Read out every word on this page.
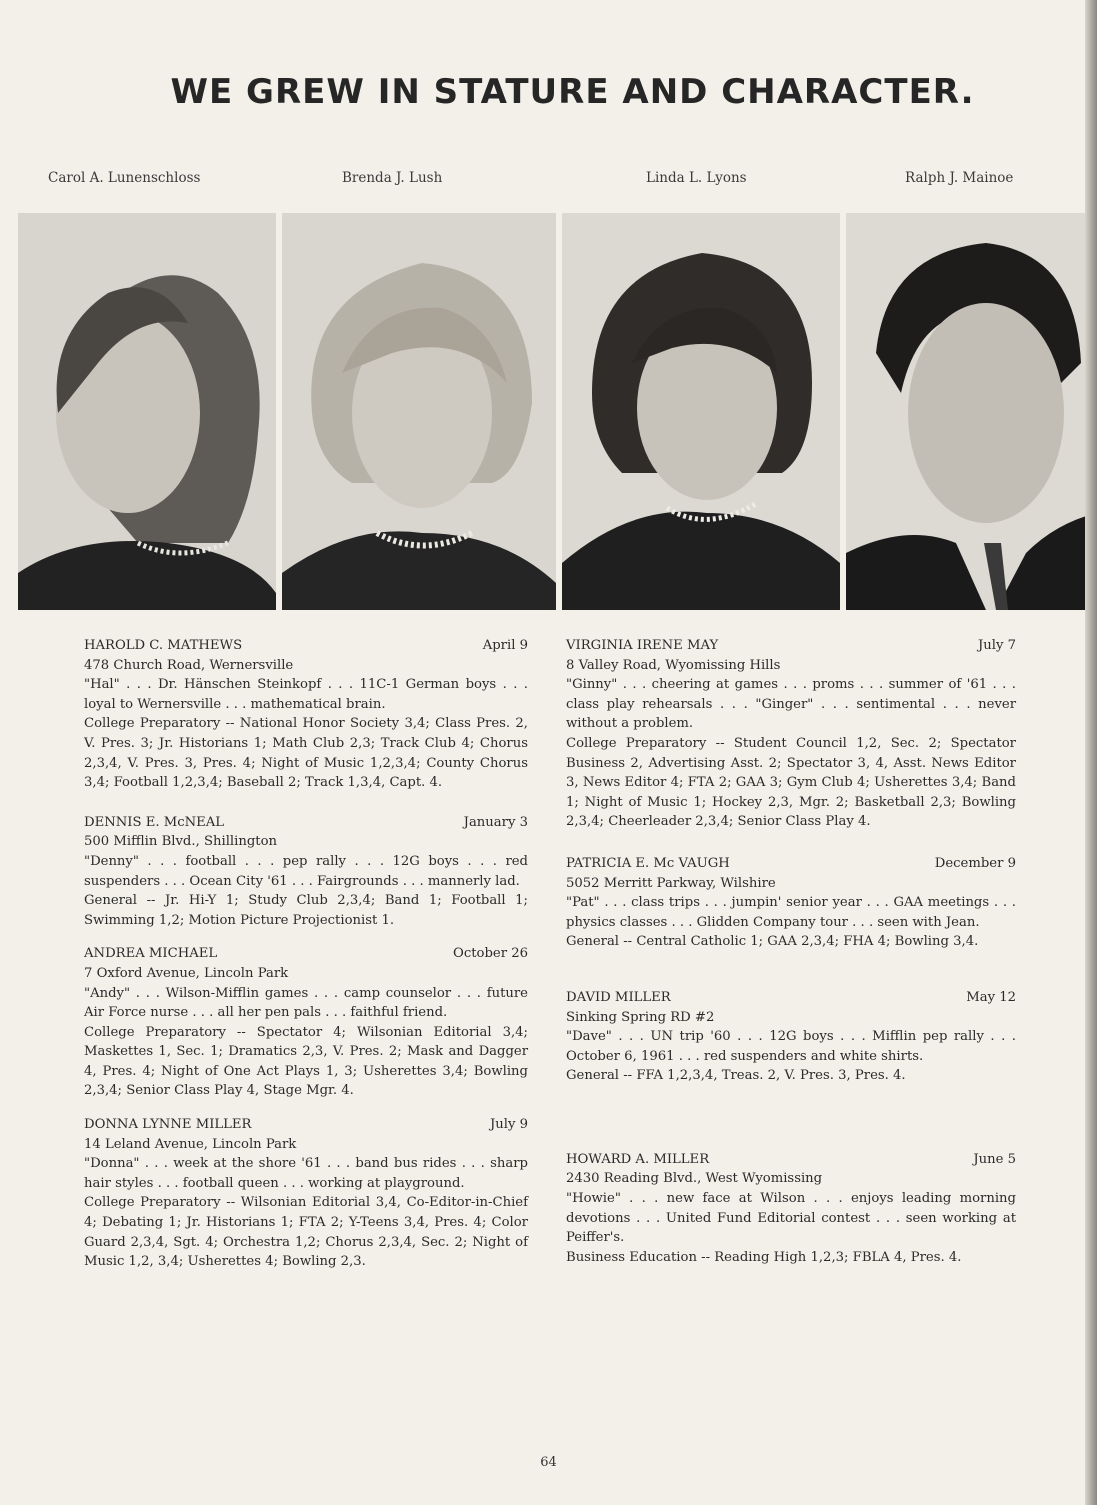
WE GREW IN STATURE AND CHARACTER.
Carol A. Lunenschloss	Brenda J. Lush	Linda L. Lyons	Ralph J. Mainoe
HAROLD C. MATHEWS	April 9

478 Church Road, Wernersville

"Hal" . . . Dr. Hänschen Steinkopf . . . 11C-1 German boys . . . loyal to Wernersville . . . mathematical brain.

College Preparatory -- National Honor Society 3,4; Class Pres. 2, V. Pres. 3; Jr. Historians 1; Math Club 2,3; Track Club 4; Chorus 2,3,4, V. Pres. 3, Pres. 4; Night of Music 1,2,3,4; County Chorus 3,4; Football 1,2,3,4; Baseball 2; Track 1,3,4, Capt. 4.

DENNIS E. McNEAL	January 3

500 Mifflin Blvd., Shillington

"Denny" . . . football . . . pep rally . . . 12G boys . . . red suspenders . . . Ocean City '61 . . . Fairgrounds . . . mannerly lad.

General -- Jr. Hi-Y 1; Study Club 2,3,4; Band 1; Football 1; Swimming 1,2; Motion Picture Projectionist 1.

ANDREA MICHAEL	October 26

7 Oxford Avenue, Lincoln Park

"Andy" . . . Wilson-Mifflin games . . . camp counselor . . . future Air Force nurse . . . all her pen pals . . . faithful friend.

College Preparatory -- Spectator 4; Wilsonian Editorial 3,4; Maskettes 1, Sec. 1; Dramatics 2,3, V. Pres. 2; Mask and Dagger 4, Pres. 4; Night of One Act Plays 1, 3; Usherettes 3,4; Bowling 2,3,4; Senior Class Play 4, Stage Mgr. 4.

DONNA LYNNE MILLER	July 9

14 Leland Avenue, Lincoln Park

"Donna" . . . week at the shore '61 . . . band bus rides . . . sharp hair styles . . . football queen . . . working at playground.

College Preparatory -- Wilsonian Editorial 3,4, Co-Editor-in-Chief 4; Debating 1; Jr. Historians 1; FTA 2; Y-Teens 3,4, Pres. 4; Color Guard 2,3,4, Sgt. 4; Orchestra 1,2; Chorus 2,3,4, Sec. 2; Night of Music 1,2, 3,4; Usherettes 4; Bowling 2,3.

VIRGINIA IRENE MAY	July 7

8 Valley Road, Wyomissing Hills

"Ginny" . . . cheering at games . . . proms . . . summer of '61 . . . class play rehearsals . . . "Ginger" . . . sentimental . . . never without a problem.

College Preparatory -- Student Council 1,2, Sec. 2; Spectator Business 2, Advertising Asst. 2; Spectator 3, 4, Asst. News Editor 3, News Editor 4; FTA 2; GAA 3; Gym Club 4; Usherettes 3,4; Band 1; Night of Music 1; Hockey 2,3, Mgr. 2; Basketball 2,3; Bowling 2,3,4; Cheerleader 2,3,4; Senior Class Play 4.

PATRICIA E. Mc VAUGH	December 9

5052 Merritt Parkway, Wilshire

"Pat" . . . class trips . . . jumpin' senior year . . . GAA meetings . . . physics classes . . . Glidden Company tour . . . seen with Jean.

General -- Central Catholic 1; GAA 2,3,4; FHA 4; Bowling 3,4.

DAVID MILLER	May 12

Sinking Spring RD #2

"Dave" . . . UN trip '60 . . . 12G boys . . . Mifflin pep rally . . . October 6, 1961 . . . red suspenders and white shirts.

General -- FFA 1,2,3,4, Treas. 2, V. Pres. 3, Pres. 4.

HOWARD A. MILLER	June 5

2430 Reading Blvd., West Wyomissing

"Howie" . . . new face at Wilson . . . enjoys leading morning devotions . . . United Fund Editorial contest . . . seen working at Peiffer's.

Business Education -- Reading High 1,2,3; FBLA 4, Pres. 4.

64
